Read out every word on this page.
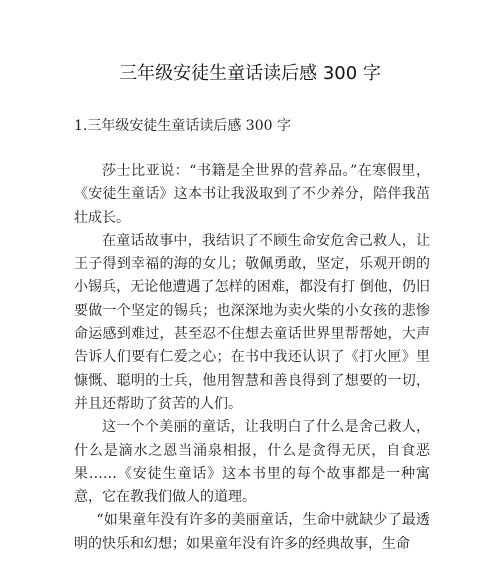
三年级安徒生童话读后感 300 字
1.三年级安徒生童话读后感 300 字

莎士比亚说：“书籍是全世界的营养品。”在寒假里，《安徒生童话》这本书让我汲取到了不少养分，陪伴我茁壮成长。

在童话故事中，我结识了不顾生命安危舍己救人，让王子得到幸福的海的女儿；敬佩勇敢，坚定，乐观开朗的小锡兵，无论他遭遇了怎样的困难，都没有打 倒他，仍旧要做一个坚定的锡兵；也深深地为卖火柴的小女孩的悲惨命运感到难过，甚至忍不住想去童话世界里帮帮她，大声告诉人们要有仁爱之心；在书中我还认识了《打火匣》里慷慨、聪明的士兵，他用智慧和善良得到了想要的一切，并且还帮助了贫苦的人们。

这一个个美丽的童话，让我明白了什么是舍己救人，什么是滴水之恩当涌泉相报，什么是贪得无厌，自食恶果……《安徒生童话》这本书里的每个故事都是一种寓意，它在教我们做人的道理。

“如果童年没有许多的美丽童话，生命中就缺少了最透明的快乐和幻想；如果童年没有许多的经典故事，生命
